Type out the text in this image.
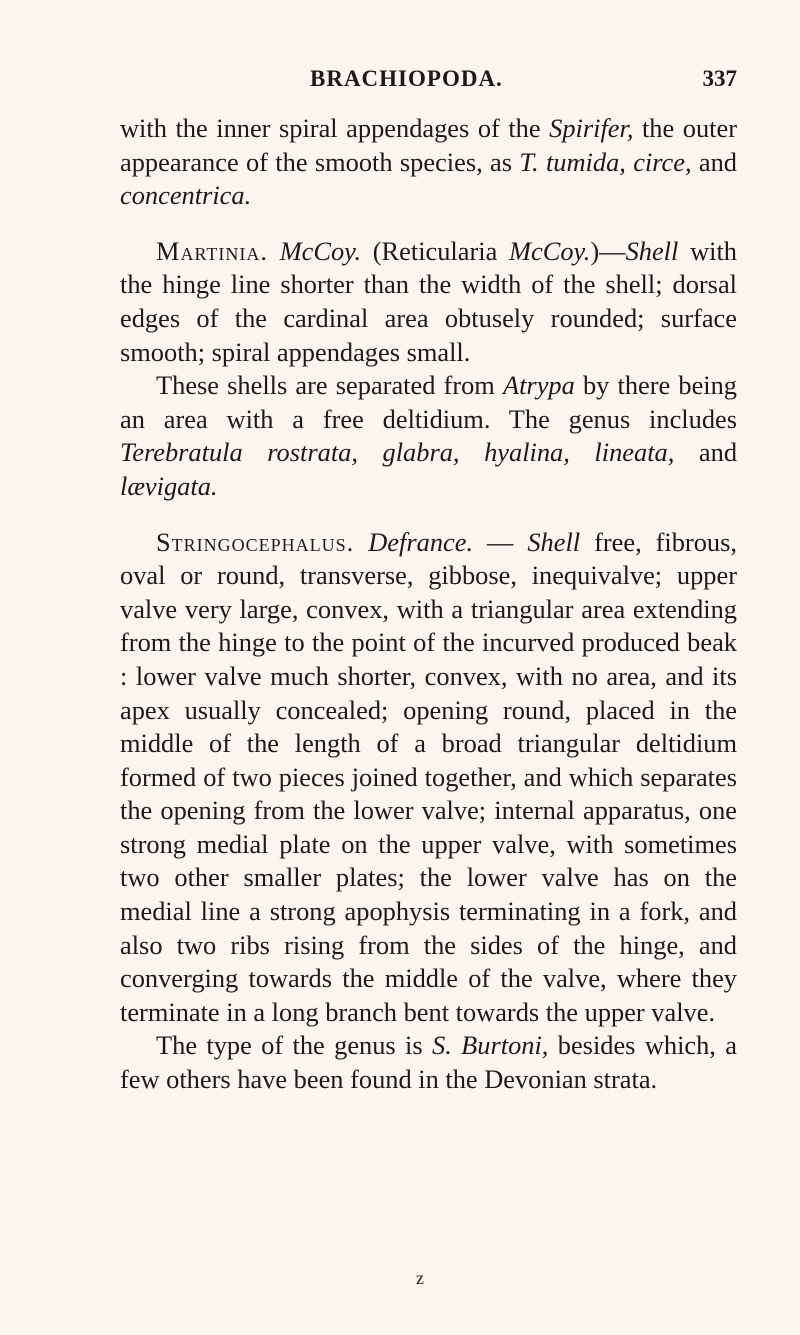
BRACHIOPODA.	337

with the inner spiral appendages of the Spirifer, the outer appearance of the smooth species, as T. tumida, circe, and concentrica.

Martinia. McCoy. (Reticularia McCoy.)—Shell with the hinge line shorter than the width of the shell; dorsal edges of the cardinal area obtusely rounded; surface smooth; spiral appendages small.

These shells are separated from Atrypa by there being an area with a free deltidium. The genus includes Terebratula rostrata, glabra, hyalina, lineata, and lævigata.

Stringocephalus. Defrance. — Shell free, fibrous, oval or round, transverse, gibbose, inequivalve; upper valve very large, convex, with a triangular area extending from the hinge to the point of the incurved produced beak : lower valve much shorter, convex, with no area, and its apex usually concealed; opening round, placed in the middle of the length of a broad triangular deltidium formed of two pieces joined together, and which separates the opening from the lower valve; internal apparatus, one strong medial plate on the upper valve, with sometimes two other smaller plates; the lower valve has on the medial line a strong apophysis terminating in a fork, and also two ribs rising from the sides of the hinge, and converging towards the middle of the valve, where they terminate in a long branch bent towards the upper valve.

The type of the genus is S. Burtoni, besides which, a few others have been found in the Devonian strata.

z
